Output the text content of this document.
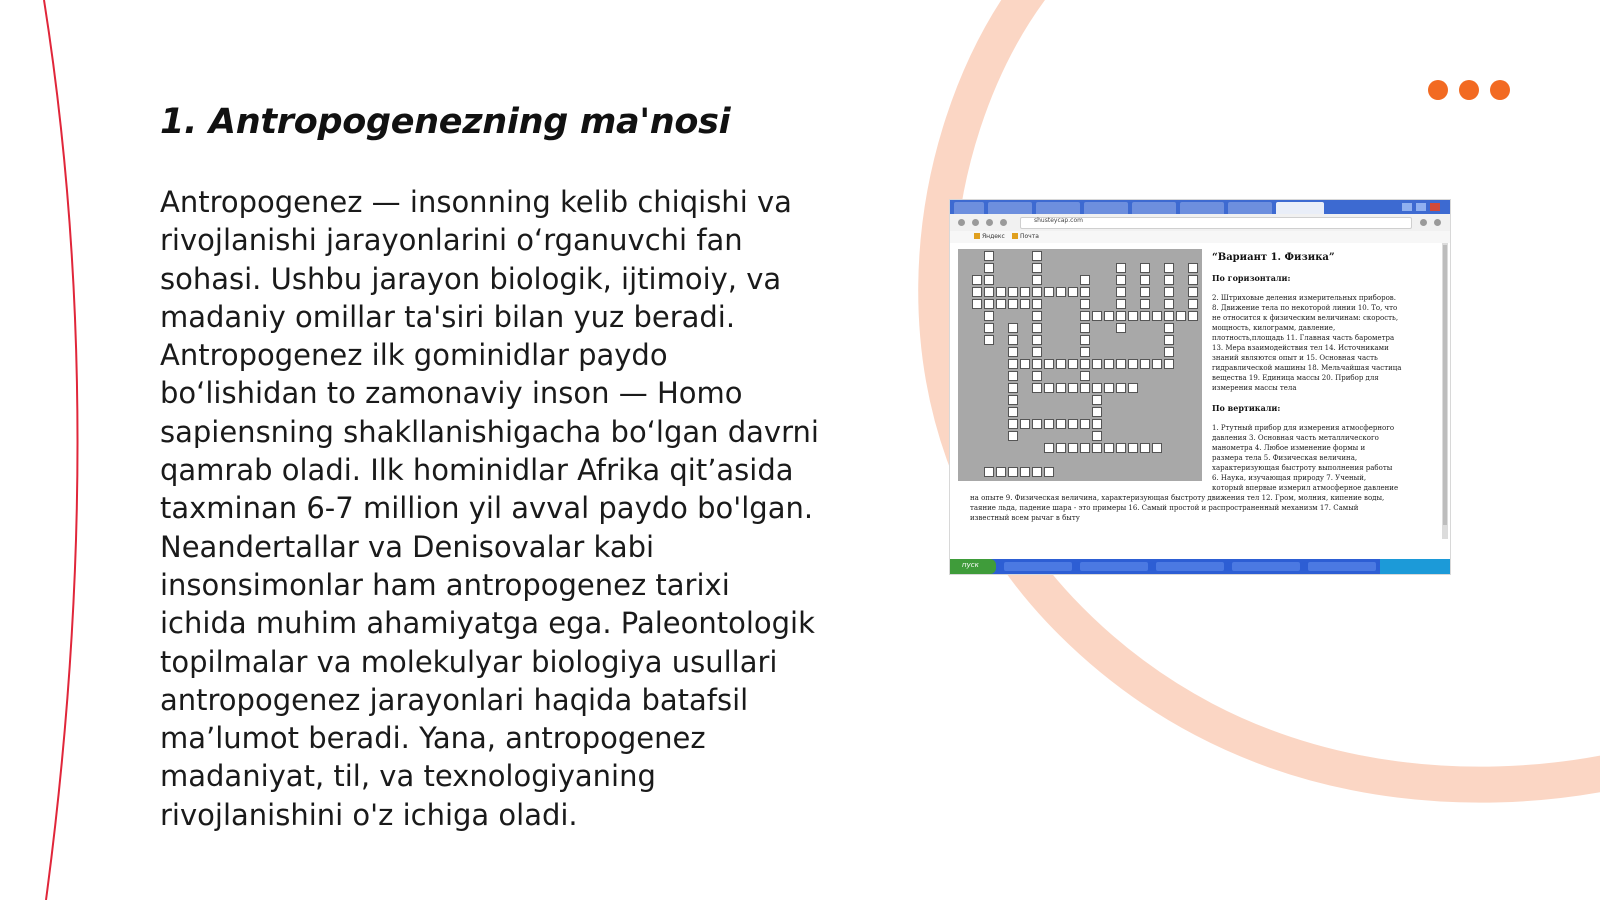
1. Antropogenezning ma'nosi
Antropogenez — insonning kelib chiqishi va
rivojlanishi jarayonlarini o‘rganuvchi fan
sohasi. Ushbu jarayon biologik, ijtimoiy, va
madaniy omillar ta'siri bilan yuz beradi.
Antropogenez ilk gominidlar paydo
bo‘lishidan to zamonaviy inson — Homo
sapiensning shakllanishigacha bo‘lgan davrni
qamrab oladi. Ilk hominidlar Afrika qit’asida
taxminan 6-7 million yil avval paydo bo'lgan.
Neandertallar va Denisovalar kabi
insonsimonlar ham antropogenez tarixi
ichida muhim ahamiyatga ega. Paleontologik
topilmalar va molekulyar biologiya usullari
antropogenez jarayonlari haqida batafsil
ma’lumot beradi. Yana, antropogenez
madaniyat, til, va texnologiyaning
rivojlanishini o'z ichiga oladi.
shusteycap.com
Яндекс	Почта

“Вариант 1. Физика”

По горизонтали:

2. Штриховые деления измерительных приборов.
8. Движение тела по некоторой линии 10. То, что
не относится к физическим величинам: скорость,
мощность, килограмм, давление,
плотность,площадь 11. Главная часть барометра
13. Мера взаимодействия тел 14. Источниками
знаний являются опыт и 15. Основная часть
гидравлической машины 18. Мельчайшая частица
вещества 19. Единица массы 20. Прибор для
измерения массы тела

По вертикали:

1. Ртутный прибор для измерения атмосферного
давления 3. Основная часть металлического
манометра 4. Любое изменение формы и
размера тела 5. Физическая величина,
характеризующая быстроту выполнения работы
6. Наука, изучающая природу 7. Ученый,
который впервые измерил атмосферное давление
на опыте 9. Физическая величина, характеризующая быстроту движения тел 12. Гром, молния, кипение воды,
таяние льда, падение шара - это примеры 16. Самый простой и распространенный механизм 17. Самый
известный всем рычаг в быту
пуск
